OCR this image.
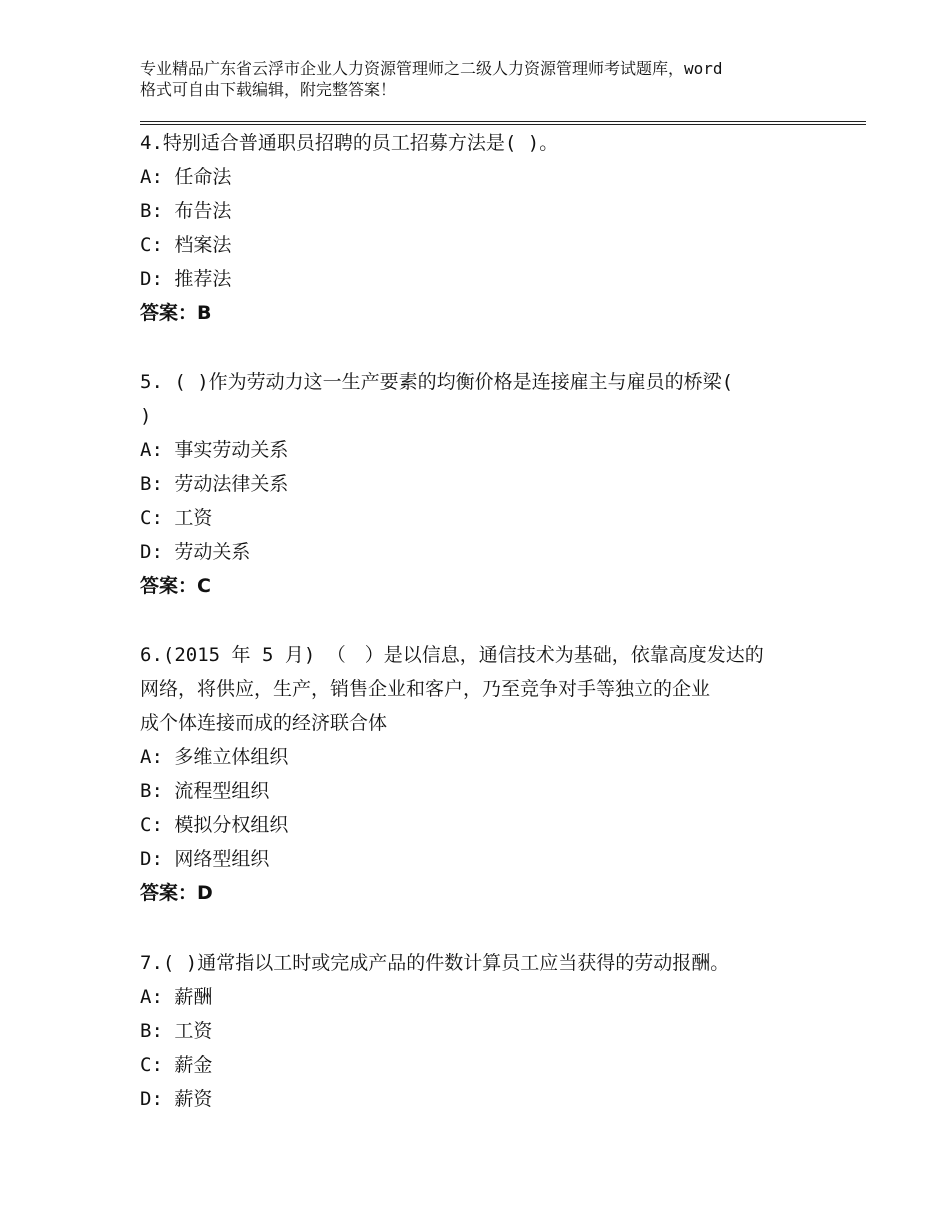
专业精品广东省云浮市企业人力资源管理师之二级人力资源管理师考试题库，word
格式可自由下载编辑，附完整答案！
4.特别适合普通职员招聘的员工招募方法是( )。
A: 任命法
B: 布告法
C: 档案法
D: 推荐法
答案：B
5. ( )作为劳动力这一生产要素的均衡价格是连接雇主与雇员的桥梁(
)
A: 事实劳动关系
B: 劳动法律关系
C: 工资
D: 劳动关系
答案：C
6.(2015 年 5 月) （　）是以信息，通信技术为基础，依靠高度发达的
网络，将供应，生产，销售企业和客户，乃至竞争对手等独立的企业
成个体连接而成的经济联合体
A: 多维立体组织
B: 流程型组织
C: 模拟分权组织
D: 网络型组织
答案：D
7.( )通常指以工时或完成产品的件数计算员工应当获得的劳动报酬。
A: 薪酬
B: 工资
C: 薪金
D: 薪资
